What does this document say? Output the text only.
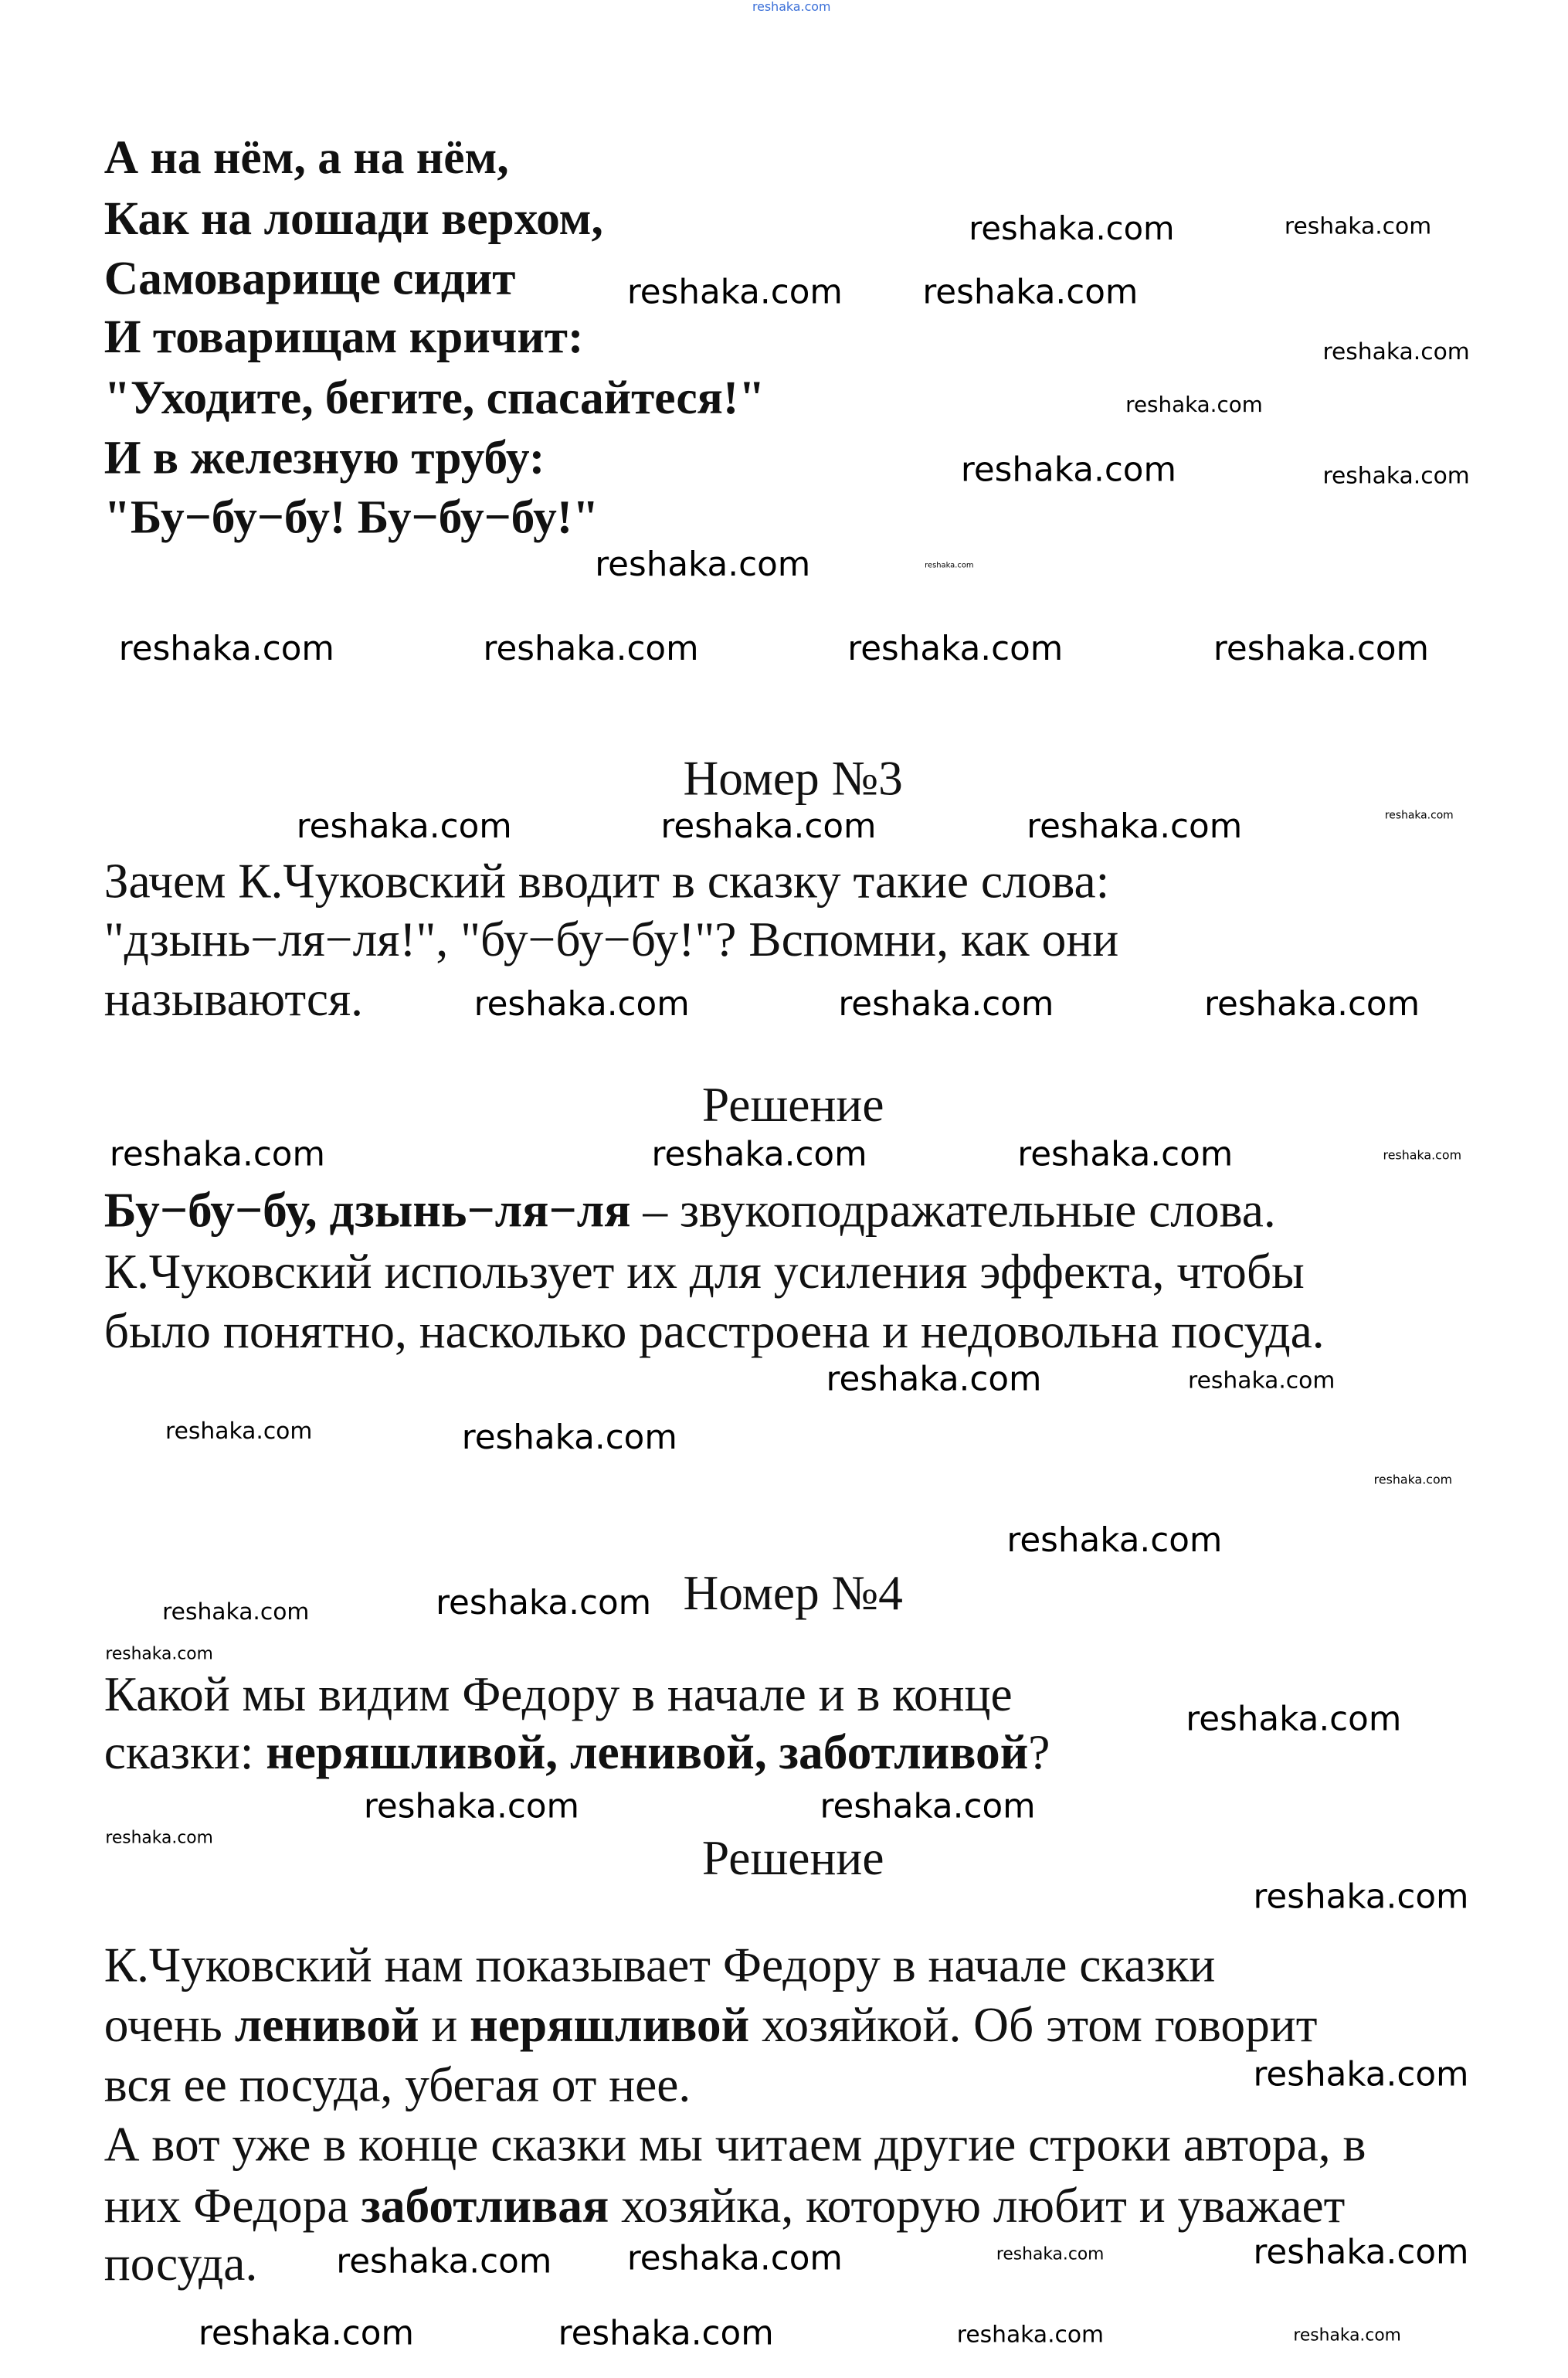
А на нём, а на нём,
Как на лошади верхом,
Самоварище сидит
И товарищам кричит:
"Уходите, бегите, спасайтеся!"
И в железную трубу:
"Бу−бу−бу! Бу−бу−бу!"
Номер №3
Зачем К.Чуковский вводит в сказку такие слова:
"дзынь−ля−ля!", "бу−бу−бу!"? Вспомни, как они
называются.
Решение
Бу−бу−бу, дзынь−ля−ля – звукоподражательные слова.
К.Чуковский использует их для усиления эффекта, чтобы
было понятно, насколько расстроена и недовольна посуда.
Номер №4
Какой мы видим Федору в начале и в конце
сказки: неряшливой, ленивой, заботливой?
Решение
К.Чуковский нам показывает Федору в начале сказки
очень ленивой и неряшливой хозяйкой. Об этом говорит
вся ее посуда, убегая от нее.
А вот уже в конце сказки мы читаем другие строки автора, в
них Федора заботливая хозяйка, которую любит и уважает
посуда.
reshaka.com
reshaka.com
reshaka.com	reshaka.com
reshaka.com
reshaka.com
reshaka.com
reshaka.com
reshaka.com	reshaka.com
reshaka.com
reshaka.com	reshaka.com	reshaka.com	reshaka.com
reshaka.com	reshaka.com	reshaka.com	reshaka.com
reshaka.com	reshaka.com	reshaka.com
reshaka.com	reshaka.com	reshaka.com	reshaka.com
reshaka.com	reshaka.com
reshaka.com	reshaka.com
reshaka.com
reshaka.com
reshaka.com	reshaka.com
reshaka.com
reshaka.com
reshaka.com	reshaka.com
reshaka.com
reshaka.com
reshaka.com	reshaka.com	reshaka.com
reshaka.com
reshaka.com
reshaka.com	reshaka.com	reshaka.com	reshaka.com
